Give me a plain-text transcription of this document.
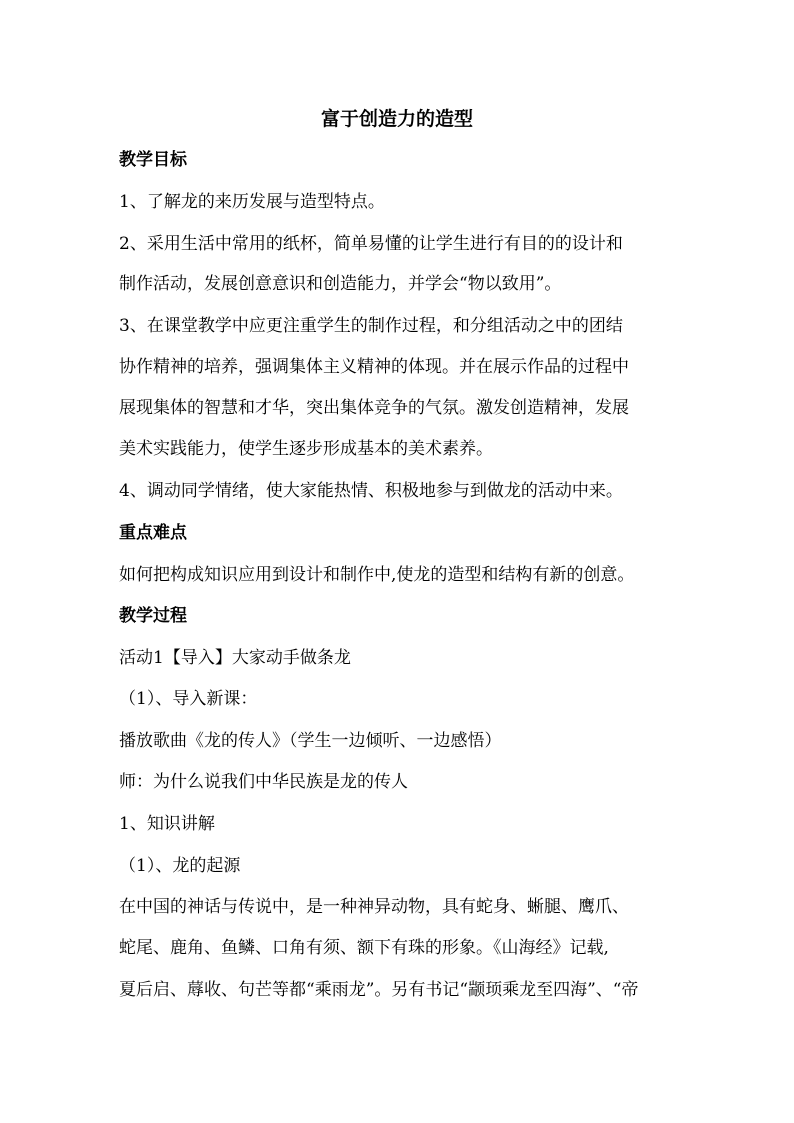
富于创造力的造型
教学目标
1、了解龙的来历发展与造型特点。
2、采用生活中常用的纸杯，简单易懂的让学生进行有目的的设计和
制作活动，发展创意意识和创造能力，并学会“物以致用”。
3、在课堂教学中应更注重学生的制作过程，和分组活动之中的团结
协作精神的培养，强调集体主义精神的体现。并在展示作品的过程中
展现集体的智慧和才华，突出集体竞争的气氛。激发创造精神，发展
美术实践能力，使学生逐步形成基本的美术素养。
4、调动同学情绪，使大家能热情、积极地参与到做龙的活动中来。
重点难点
如何把构成知识应用到设计和制作中,使龙的造型和结构有新的创意。
教学过程
活动1【导入】大家动手做条龙
（1）、导入新课：
播放歌曲《龙的传人》（学生一边倾听、一边感悟）
师：为什么说我们中华民族是龙的传人
1、知识讲解
（1）、龙的起源
在中国的神话与传说中，是一种神异动物，具有蛇身、蜥腿、鹰爪、
蛇尾、鹿角、鱼鳞、口角有须、额下有珠的形象。《山海经》记载,
夏后启、蓐收、句芒等都“乘雨龙”。另有书记“颛顼乘龙至四海”、“帝
